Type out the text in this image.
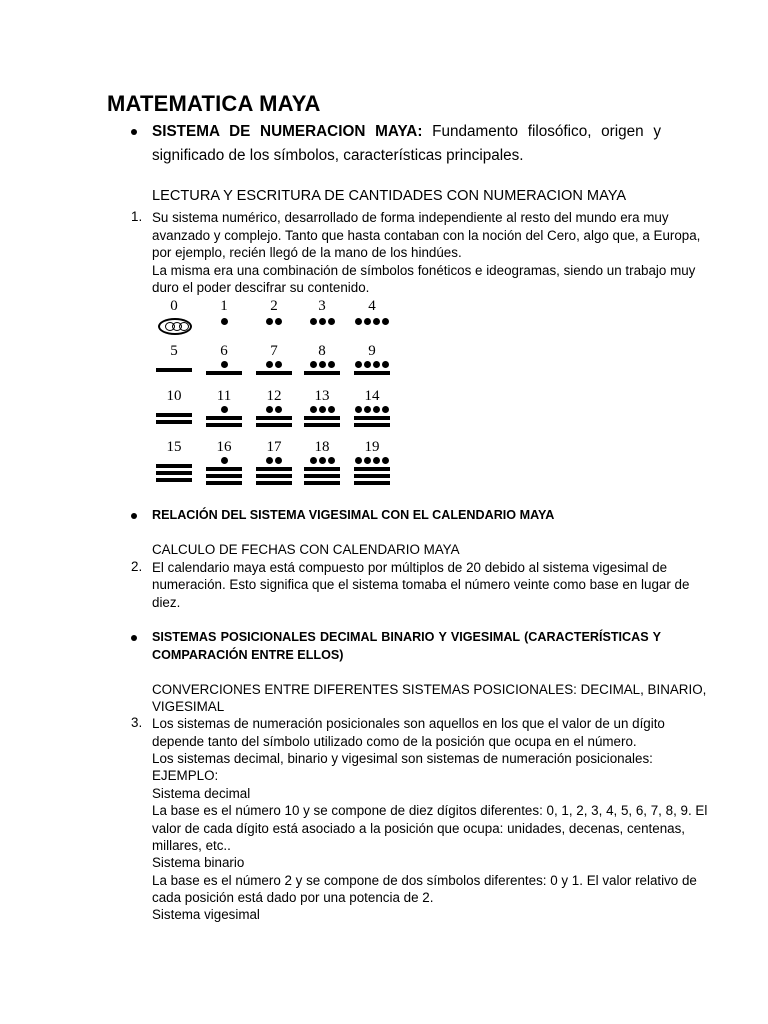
MATEMATICA MAYA
SISTEMA DE NUMERACION MAYA: Fundamento filosófico, origen y
significado de los símbolos, características principales.
LECTURA Y ESCRITURA DE CANTIDADES CON NUMERACION MAYA
1. Su sistema numérico, desarrollado de forma independiente al resto del mundo era muy
avanzado y complejo. Tanto que hasta contaban con la noción del Cero, algo que, a Europa,
por ejemplo, recién llegó de la mano de los hindúes.
La misma era una combinación de símbolos fonéticos e ideogramas, siendo un trabajo muy
duro el poder descifrar su contenido.
0	1	2	3	4
5	6	7	8	9
10	11	12	13	14
15	16	17	18	19
RELACIÓN DEL SISTEMA VIGESIMAL CON EL CALENDARIO MAYA
CALCULO DE FECHAS CON CALENDARIO MAYA
2. El calendario maya está compuesto por múltiplos de 20 debido al sistema vigesimal de
numeración. Esto significa que el sistema tomaba el número veinte como base en lugar de
diez.
SISTEMAS POSICIONALES DECIMAL BINARIO Y VIGESIMAL (CARACTERÍSTICAS Y
COMPARACIÓN ENTRE ELLOS)
CONVERCIONES ENTRE DIFERENTES SISTEMAS POSICIONALES: DECIMAL, BINARIO,
VIGESIMAL
3. Los sistemas de numeración posicionales son aquellos en los que el valor de un dígito
depende tanto del símbolo utilizado como de la posición que ocupa en el número.
Los sistemas decimal, binario y vigesimal son sistemas de numeración posicionales:
EJEMPLO:
Sistema decimal
La base es el número 10 y se compone de diez dígitos diferentes: 0, 1, 2, 3, 4, 5, 6, 7, 8, 9. El
valor de cada dígito está asociado a la posición que ocupa: unidades, decenas, centenas,
millares, etc..
Sistema binario
La base es el número 2 y se compone de dos símbolos diferentes: 0 y 1. El valor relativo de
cada posición está dado por una potencia de 2.
Sistema vigesimal
